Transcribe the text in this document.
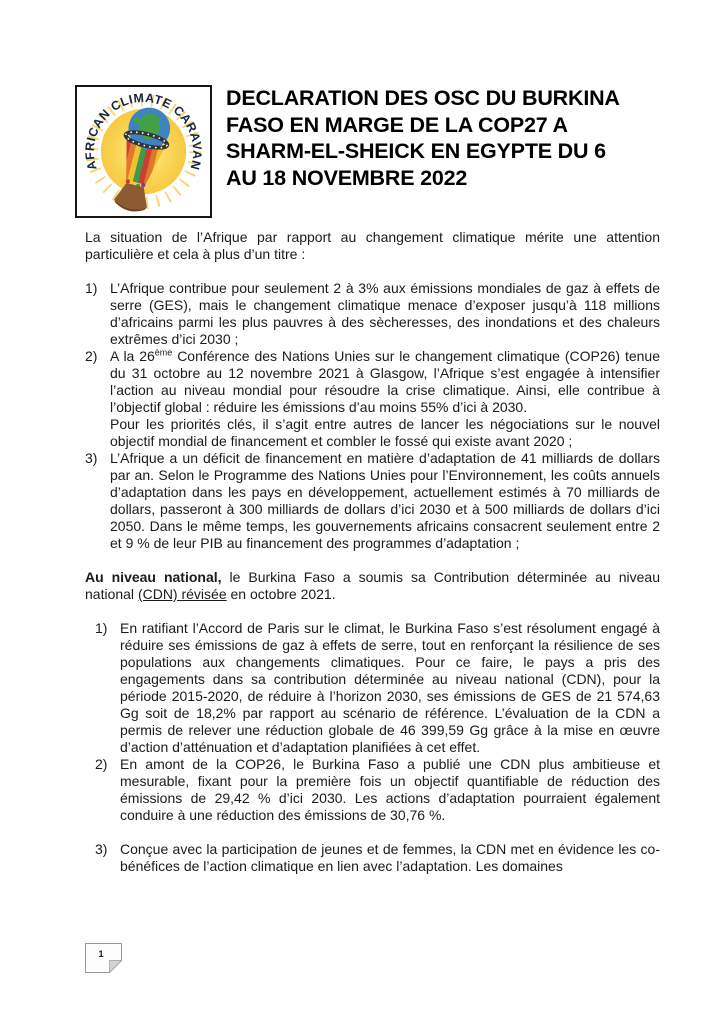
AFRICAN CLIMATE CARAVAN
DECLARATION DES OSC DU BURKINA
FASO EN MARGE DE LA COP27 A
SHARM-EL-SHEICK EN EGYPTE DU 6
AU 18 NOVEMBRE 2022

La situation de l’Afrique par rapport au changement climatique mérite une attention particulière et cela à plus d’un titre :

1) L’Afrique contribue pour seulement 2 à 3% aux émissions mondiales de gaz à effets de serre (GES), mais le changement climatique menace d’exposer jusqu’à 118 millions d’africains parmi les plus pauvres à des sècheresses, des inondations et des chaleurs extrêmes d’ici 2030 ;
2) A la 26ème Conférence des Nations Unies sur le changement climatique (COP26) tenue du 31 octobre au 12 novembre 2021 à Glasgow, l’Afrique s’est engagée à intensifier l’action au niveau mondial pour résoudre la crise climatique. Ainsi, elle contribue à l’objectif global : réduire les émissions d’au moins 55% d’ici à 2030.

Pour les priorités clés, il s’agit entre autres de lancer les négociations sur le nouvel objectif mondial de financement et combler le fossé qui existe avant 2020 ;

3) L’Afrique a un déficit de financement en matière d’adaptation de 41 milliards de dollars par an. Selon le Programme des Nations Unies pour l’Environnement, les coûts annuels d’adaptation dans les pays en développement, actuellement estimés à 70 milliards de dollars, passeront à 300 milliards de dollars d’ici 2030 et à 500 milliards de dollars d’ici 2050. Dans le même temps, les gouvernements africains consacrent seulement entre 2 et 9 % de leur PIB au financement des programmes d’adaptation ;

Au niveau national, le Burkina Faso a soumis sa Contribution déterminée au niveau national (CDN) révisée en octobre 2021.

1) En ratifiant l’Accord de Paris sur le climat, le Burkina Faso s’est résolument engagé à réduire ses émissions de gaz à effets de serre, tout en renforçant la résilience de ses populations aux changements climatiques. Pour ce faire, le pays a pris des engagements dans sa contribution déterminée au niveau national (CDN), pour la période 2015-2020, de réduire à l’horizon 2030, ses émissions de GES de 21 574,63 Gg soit de 18,2% par rapport au scénario de référence. L’évaluation de la CDN a permis de relever une réduction globale de 46 399,59 Gg grâce à la mise en œuvre d’action d’atténuation et d’adaptation planifiées à cet effet.
2) En amont de la COP26, le Burkina Faso a publié une CDN plus ambitieuse et mesurable, fixant pour la première fois un objectif quantifiable de réduction des émissions de 29,42 % d’ici 2030. Les actions d’adaptation pourraient également conduire à une réduction des émissions de 30,76 %.
3) Conçue avec la participation de jeunes et de femmes, la CDN met en évidence les co-bénéfices de l’action climatique en lien avec l’adaptation. Les domaines
1
